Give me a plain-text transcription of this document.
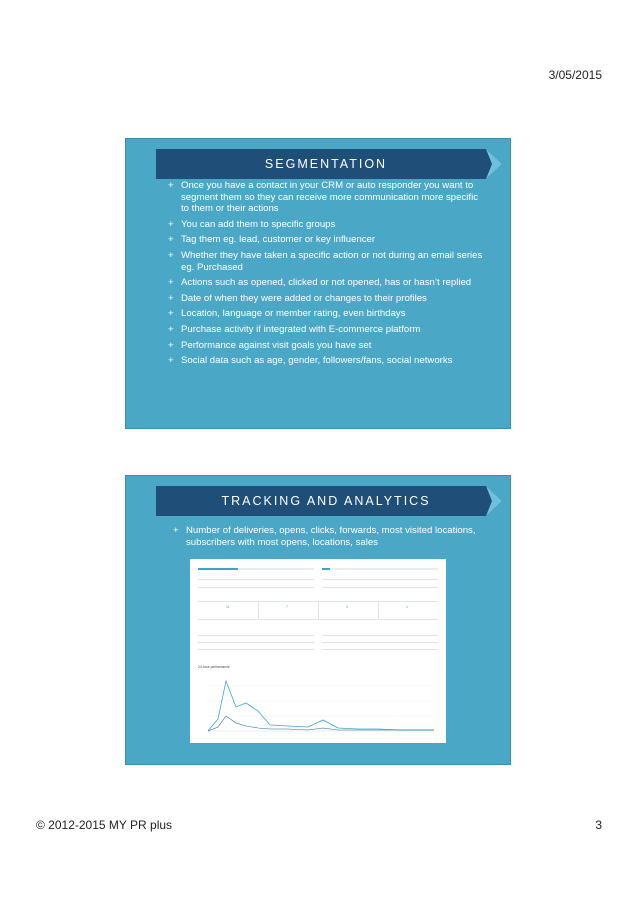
3/05/2015
SEGMENTATION
+ Once you have a contact in your CRM or auto responder you want to segment them so they can receive more communication more specific to them or their actions
+ You can add them to specific groups
+ Tag them eg. lead, customer or key influencer
+ Whether they have taken a specific action or not during an email series eg. Purchased
+ Actions such as opened, clicked or not opened, has or hasn’t replied
+ Date of when they were added or changes to their profiles
+ Location, language or member rating, even birthdays
+ Purchase activity if integrated with E-commerce platform
+ Performance against visit goals you have set
+ Social data such as age, gender, followers/fans, social networks
TRACKING AND ANALYTICS
+ Number of deliveries, opens, clicks, forwards, most visited locations, subscribers with most opens, locations, sales
11	7	0	1
24-hour performance
© 2012-2015 MY PR plus	3
